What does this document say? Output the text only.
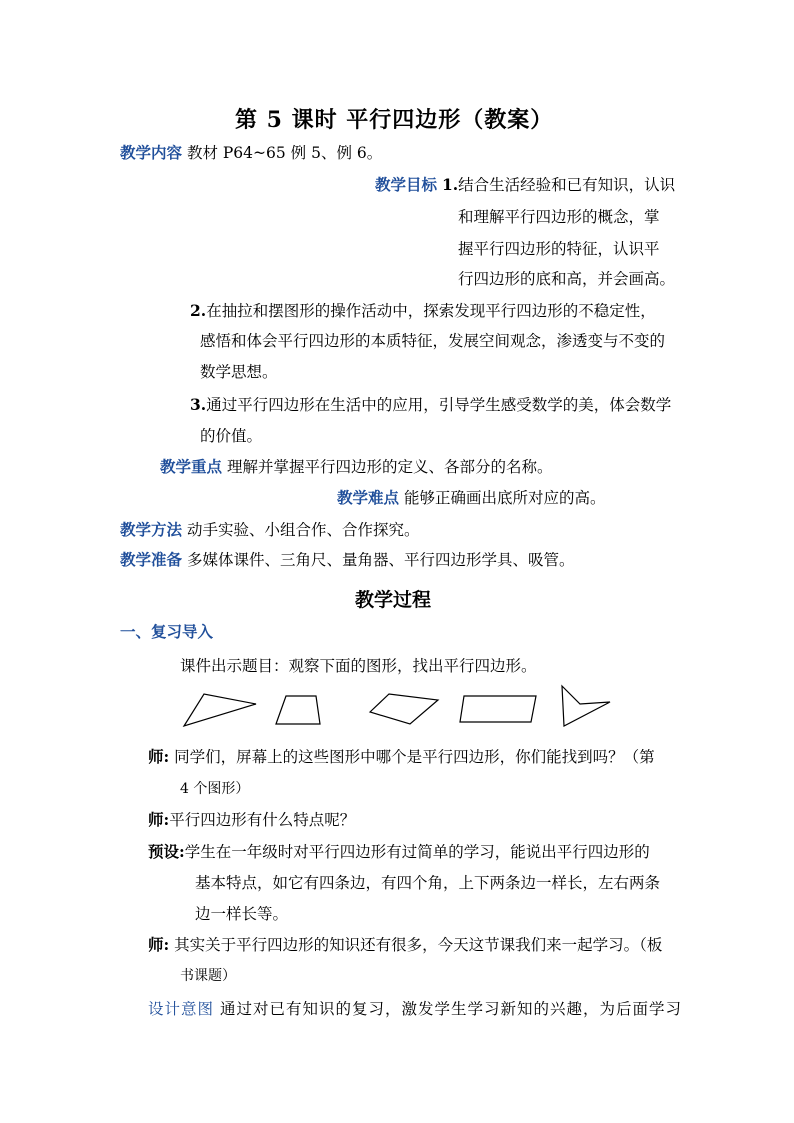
第 5 课时 平行四边形（教案）
教学内容 教材 P64~65 例 5、例 6。
教学目标 1.结合生活经验和已有知识，认识
和理解平行四边形的概念，掌
握平行四边形的特征，认识平
行四边形的底和高，并会画高。
2.在抽拉和摆图形的操作活动中，探索发现平行四边形的不稳定性，
感悟和体会平行四边形的本质特征，发展空间观念，渗透变与不变的
数学思想。
3.通过平行四边形在生活中的应用，引导学生感受数学的美，体会数学
的价值。
教学重点 理解并掌握平行四边形的定义、各部分的名称。
教学难点 能够正确画出底所对应的高。
教学方法 动手实验、小组合作、合作探究。
教学准备 多媒体课件、三角尺、量角器、平行四边形学具、吸管。
教学过程
一、复习导入
课件出示题目：观察下面的图形，找出平行四边形。
师: 同学们，屏幕上的这些图形中哪个是平行四边形，你们能找到吗？（第
4 个图形）
师:平行四边形有什么特点呢？
预设:学生在一年级时对平行四边形有过简单的学习，能说出平行四边形的
基本特点，如它有四条边，有四个角，上下两条边一样长，左右两条
边一样长等。
师: 其实关于平行四边形的知识还有很多，今天这节课我们来一起学习。（板
书课题）
设计意图 通过对已有知识的复习，激发学生学习新知的兴趣，为后面学习
